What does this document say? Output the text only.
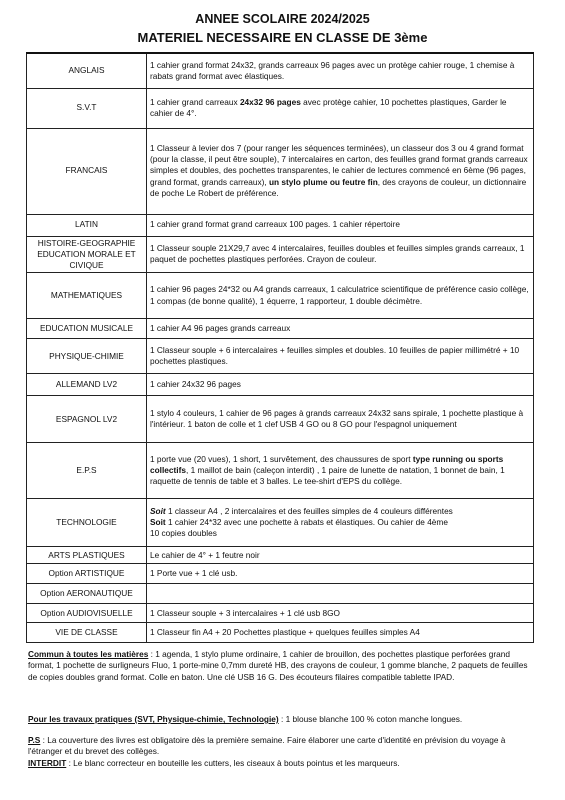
ANNEE SCOLAIRE 2024/2025
MATERIEL NECESSAIRE EN CLASSE DE 3ème
ANGLAIS	1 cahier grand format 24x32, grands carreaux 96 pages avec un protège cahier rouge, 1 chemise à rabats grand format avec élastiques.
S.V.T	1 cahier grand carreaux 24x32 96 pages avec protège cahier, 10 pochettes plastiques, Garder le cahier de 4°.
FRANCAIS	1 Classeur à levier dos 7 (pour ranger les séquences terminées), un classeur dos 3 ou 4 grand format (pour la classe, il peut être souple), 7 intercalaires en carton, des feuilles grand format grands carreaux simples et doubles, des pochettes transparentes, le cahier de lectures commencé en 6ème (96 pages, grand format, grands carreaux), un stylo plume ou feutre fin, des crayons de couleur, un dictionnaire de poche Le Robert de préférence.
LATIN	1 cahier grand format grand carreaux 100 pages. 1 cahier répertoire
HISTOIRE-GEOGRAPHIE EDUCATION MORALE ET CIVIQUE	1 Classeur souple 21X29,7 avec 4 intercalaires, feuilles doubles et feuilles simples grands carreaux, 1 paquet de pochettes plastiques perforées. Crayon de couleur.
MATHEMATIQUES	1 cahier 96 pages 24*32 ou A4 grands carreaux, 1 calculatrice scientifique de préférence casio collège, 1 compas (de bonne qualité), 1 équerre, 1 rapporteur, 1 double décimètre.
EDUCATION MUSICALE	1 cahier A4 96 pages grands carreaux
PHYSIQUE-CHIMIE	1 Classeur souple + 6 intercalaires + feuilles simples et doubles. 10 feuilles de papier millimétré + 10 pochettes plastiques.
ALLEMAND LV2	1 cahier 24x32 96 pages
ESPAGNOL LV2	1 stylo 4 couleurs, 1 cahier de 96 pages à grands carreaux 24x32 sans spirale, 1 pochette plastique à l'intérieur. 1 baton de colle et 1 clef USB 4 GO ou 8 GO pour l'espagnol uniquement
E.P.S	1 porte vue (20 vues), 1 short, 1 survêtement, des chaussures de sport type running ou sports collectifs, 1 maillot de bain (caleçon interdit) , 1 paire de lunette de natation, 1 bonnet de bain, 1 raquette de tennis de table et 3 balles. Le tee-shirt d'EPS du collège.
TECHNOLOGIE	Soit 1 classeur A4 , 2 intercalaires et des feuilles simples de 4 couleurs différentes
Soit 1 cahier 24*32 avec une pochette à rabats et élastiques. Ou cahier de 4ème
10 copies doubles
ARTS PLASTIQUES	Le cahier de 4° + 1 feutre noir
Option ARTISTIQUE	1 Porte vue + 1 clé usb.
Option AERONAUTIQUE	
Option AUDIOVISUELLE	1 Classeur souple + 3 intercalaires + 1 clé usb 8GO
VIE DE CLASSE	1 Classeur fin A4 + 20 Pochettes plastique + quelques feuilles simples A4
Commun à toutes les matières : 1 agenda, 1 stylo plume ordinaire, 1 cahier de brouillon, des pochettes plastique perforées grand format, 1 pochette de surligneurs Fluo, 1 porte-mine 0,7mm dureté HB, des crayons de couleur, 1 gomme blanche, 2 paquets de feuilles de copies doubles grand format. Colle en baton. Une clé USB 16 G. Des écouteurs filaires compatible tablette IPAD.
Pour les travaux pratiques (SVT, Physique-chimie, Technologie) : 1 blouse blanche 100 % coton manche longues.
P.S : La couverture des livres est obligatoire dès la première semaine. Faire élaborer une carte d'identité en prévision du voyage à l'étranger et du brevet des collèges.
INTERDIT : Le blanc correcteur en bouteille les cutters, les ciseaux à bouts pointus et les marqueurs.
